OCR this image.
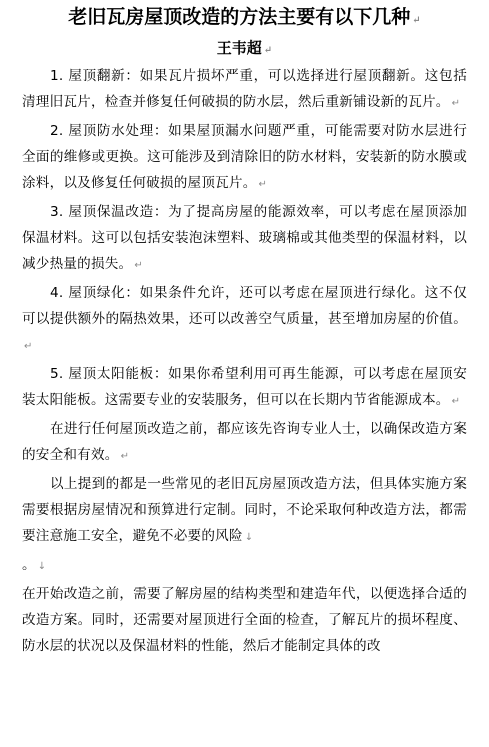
老旧瓦房屋顶改造的方法主要有以下几种 ↵
王韦超 ↵

1. 屋顶翻新：如果瓦片损坏严重，可以选择进行屋顶翻新。这包括清理旧瓦片，检查并修复任何破损的防水层，然后重新铺设新的瓦片。 ↵

2. 屋顶防水处理：如果屋顶漏水问题严重，可能需要对防水层进行全面的维修或更换。这可能涉及到清除旧的防水材料，安装新的防水膜或涂料，以及修复任何破损的屋顶瓦片。 ↵

3. 屋顶保温改造：为了提高房屋的能源效率，可以考虑在屋顶添加保温材料。这可以包括安装泡沫塑料、玻璃棉或其他类型的保温材料，以减少热量的损失。 ↵

4. 屋顶绿化：如果条件允许，还可以考虑在屋顶进行绿化。这不仅可以提供额外的隔热效果，还可以改善空气质量，甚至增加房屋的价值。↵

5. 屋顶太阳能板：如果你希望利用可再生能源，可以考虑在屋顶安装太阳能板。这需要专业的安装服务，但可以在长期内节省能源成本。 ↵

在进行任何屋顶改造之前，都应该先咨询专业人士，以确保改造方案的安全和有效。 ↵

以上提到的都是一些常见的老旧瓦房屋顶改造方法，但具体实施方案需要根据房屋情况和预算进行定制。同时，不论采取何种改造方法，都需要注意施工安全，避免不必要的风险 ↓

。 ↓

在开始改造之前，需要了解房屋的结构类型和建造年代，以便选择合适的改造方案。同时，还需要对屋顶进行全面的检查，了解瓦片的损坏程度、防水层的状况以及保温材料的性能，然后才能制定具体的改
